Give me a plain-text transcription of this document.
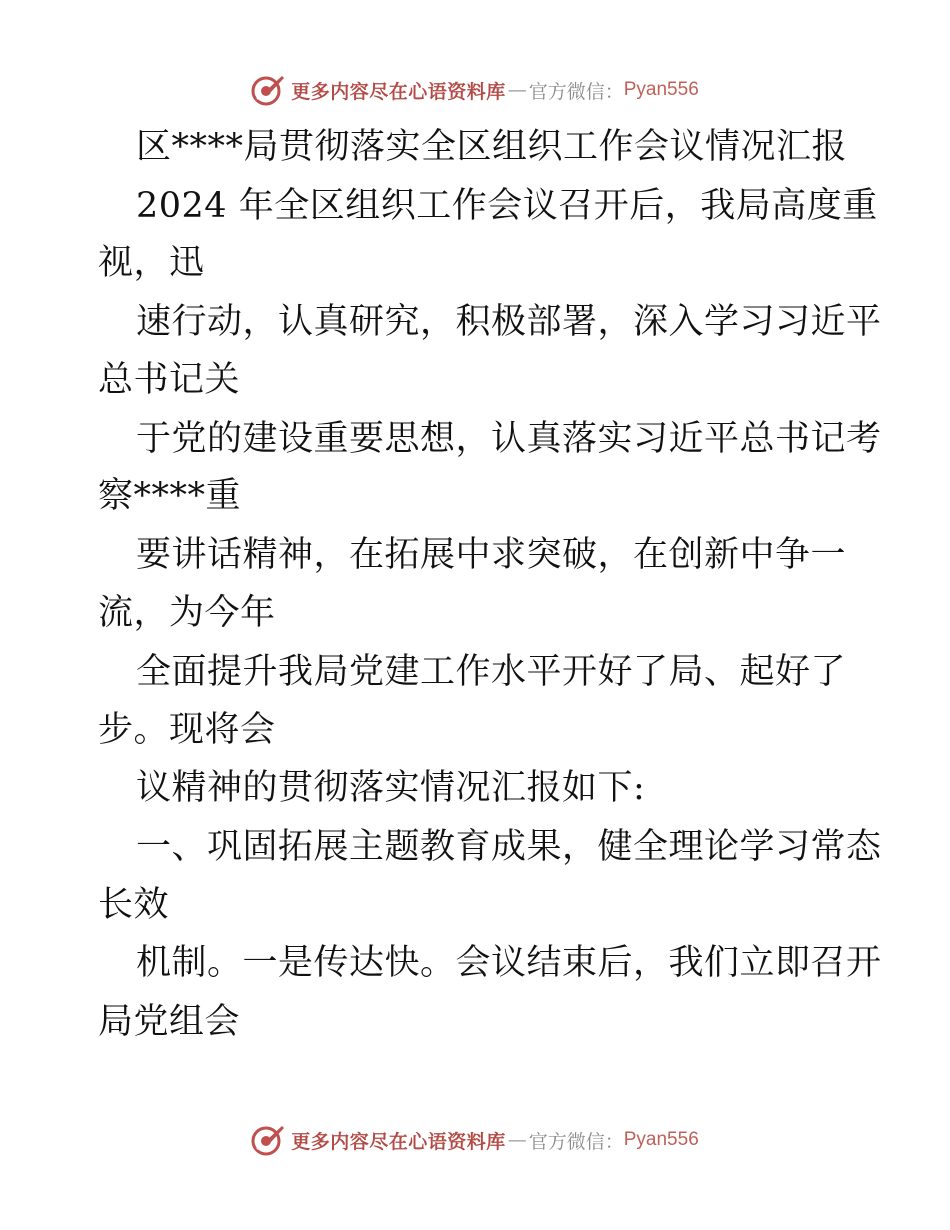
更多内容尽在心语资料库 — 官方微信： Pyan556
区****局贯彻落实全区组织工作会议情况汇报
2024 年全区组织工作会议召开后，我局高度重
视，迅
速行动，认真研究，积极部署，深入学习习近平
总书记关
于党的建设重要思想，认真落实习近平总书记考
察****重
要讲话精神，在拓展中求突破，在创新中争一
流，为今年
全面提升我局党建工作水平开好了局、起好了
步。现将会
议精神的贯彻落实情况汇报如下:
一、巩固拓展主题教育成果，健全理论学习常态
长效
机制。一是传达快。会议结束后，我们立即召开
局党组会
更多内容尽在心语资料库 — 官方微信： Pyan556
